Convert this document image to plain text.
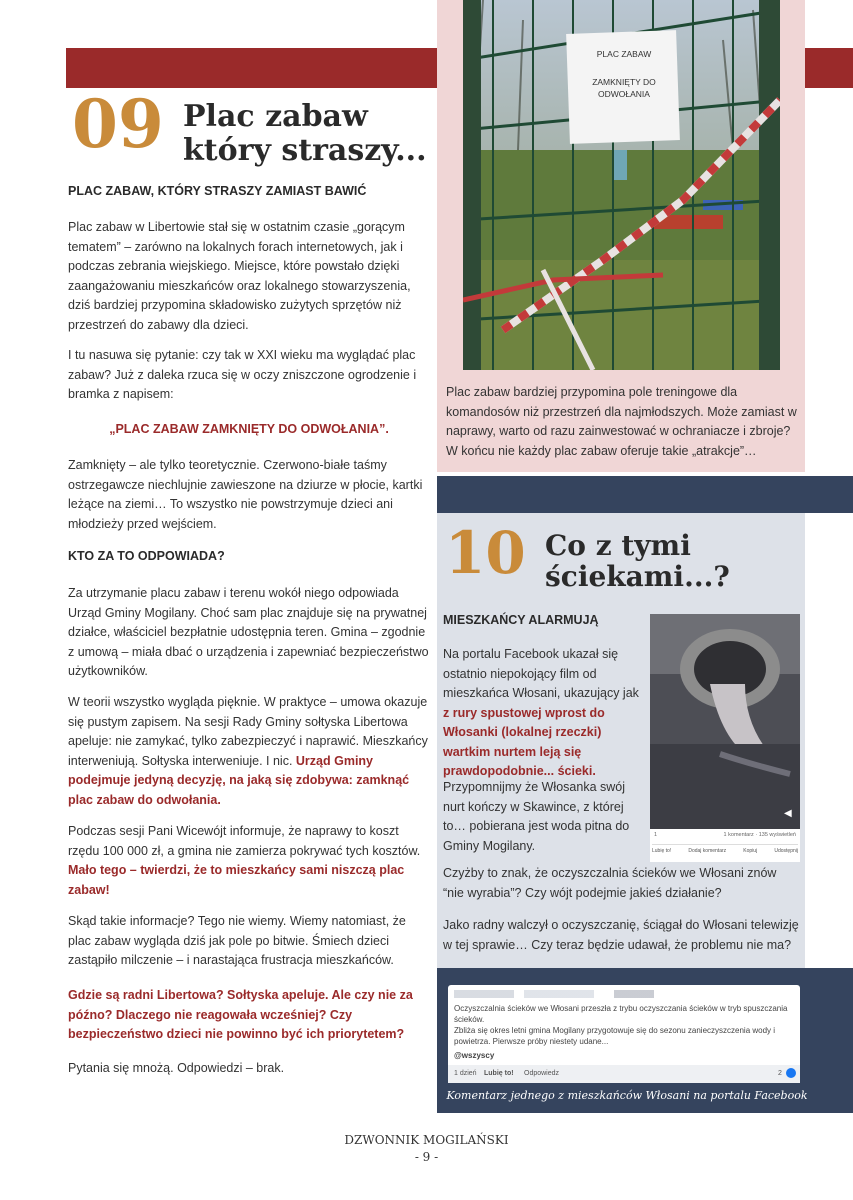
09 Plac zabaw
który straszy...
PLAC ZABAW, KTÓRY STRASZY ZAMIAST BAWIĆ

Plac zabaw w Libertowie stał się w ostatnim czasie „gorącym tematem” – zarówno na lokalnych forach internetowych, jak i podczas zebrania wiejskiego. Miejsce, które powstało dzięki zaangażowaniu mieszkańców oraz lokalnego stowarzyszenia, dziś bardziej przypomina składowisko zużytych sprzętów niż przestrzeń do zabawy dla dzieci.

I tu nasuwa się pytanie: czy tak w XXI wieku ma wyglądać plac zabaw? Już z daleka rzuca się w oczy zniszczone ogrodzenie i bramka z napisem:

„PLAC ZABAW ZAMKNIĘTY DO ODWOŁANIA”.

Zamknięty – ale tylko teoretycznie. Czerwono-białe taśmy ostrzegawcze niechlujnie zawieszone na dziurze w płocie, kartki leżące na ziemi… To wszystko nie powstrzymuje dzieci ani młodzieży przed wejściem.

KTO ZA TO ODPOWIADA?

Za utrzymanie placu zabaw i terenu wokół niego odpowiada Urząd Gminy Mogilany. Choć sam plac znajduje się na prywatnej działce, właściciel bezpłatnie udostępnia teren. Gmina – zgodnie z umową – miała dbać o urządzenia i zapewniać bezpieczeństwo użytkowników.

W teorii wszystko wygląda pięknie. W praktyce – umowa okazuje się pustym zapisem. Na sesji Rady Gminy sołtyska Libertowa apeluje: nie zamykać, tylko zabezpieczyć i naprawić. Mieszkańcy interweniują. Sołtyska interweniuje. I nic. Urząd Gminy podejmuje jedyną decyzję, na jaką się zdobywa: zamknąć plac zabaw do odwołania.

Podczas sesji Pani Wicewójt informuje, że naprawy to koszt rzędu 100 000 zł, a gmina nie zamierza pokrywać tych kosztów. Mało tego – twierdzi, że to mieszkańcy sami niszczą plac zabaw!

Skąd takie informacje? Tego nie wiemy. Wiemy natomiast, że plac zabaw wygląda dziś jak pole po bitwie. Śmiech dzieci zastąpiło milczenie – i narastająca frustracja mieszkańców.

Gdzie są radni Libertowa? Sołtyska apeluje. Ale czy nie za późno? Dlaczego nie reagowała wcześniej? Czy bezpieczeństwo dzieci nie powinno być ich priorytetem?

Pytania się mnożą. Odpowiedzi – brak.

PLAC ZABAW
ZAMKNIĘTY DO
ODWOŁANIA

Plac zabaw bardziej przypomina pole treningowe dla komandosów niż przestrzeń dla najmłodszych. Może zamiast w naprawy, warto od razu zainwestować w ochraniacze i zbroje? W końcu nie każdy plac zabaw oferuje takie „atrakcje”…

10 Co z tymi
ściekami...?
MIESZKAŃCY ALARMUJĄ

Na portalu Facebook ukazał się ostatnio niepokojący film od mieszkańca Włosani, ukazujący jak z rury spustowej wprost do Włosanki (lokalnej rzeczki) wartkim nurtem leją się prawdopodobnie... ścieki.

Przypomnijmy że Włosanka swój nurt kończy w Skawince, z której to… pobierana jest woda pitna do Gminy Mogilany.

◀
1	1 komentarz · 135 wyświetleń
Lubię to!	Dodaj komentarz	Kopiuj	Udostępnij

Czyżby to znak, że oczyszczalnia ścieków we Włosani znów “nie wyrabia”? Czy wójt podejmie jakieś działanie?

Jako radny walczył o oczyszczanię, ściągał do Włosani telewizję w tej sprawie… Czy teraz będzie udawał, że problemu nie ma?

Oczyszczalnia ścieków we Włosani przeszła z trybu oczyszczania ścieków w tryb spuszczania ścieków.
Zbliża się okres letni gmina Mogilany przygotowuje się do sezonu zanieczyszczenia wody i powietrza. Pierwsze próby niestety udane...
@wszyscy
1 dzień Lubię to! Odpowiedz	2
Komentarz jednego z mieszkańców Włosani na portalu Facebook
DZWONNIK MOGILAŃSKI
- 9 -
